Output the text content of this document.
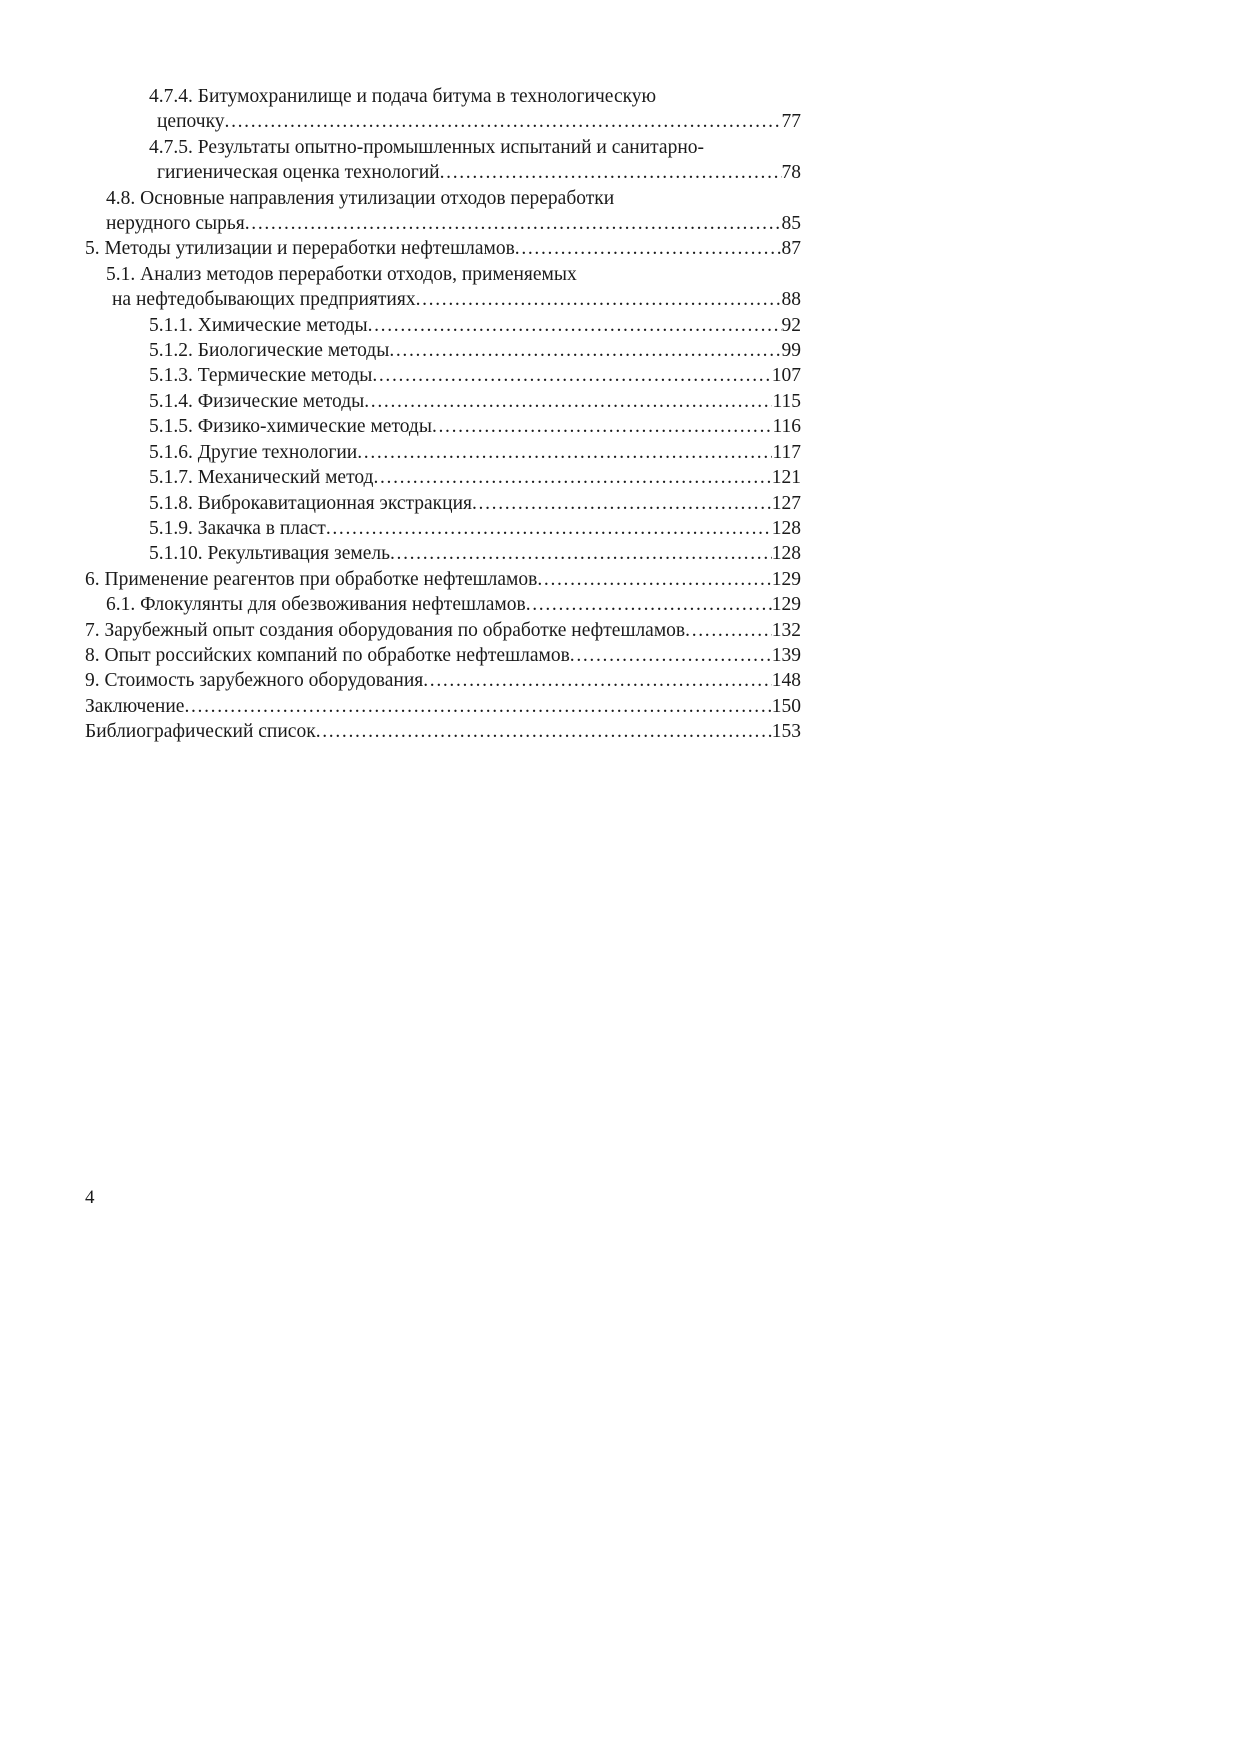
4.7.4. Битумохранилище и подача битума в технологическую
цепочку . . .	77
4.7.5. Результаты опытно-промышленных испытаний и санитарно-
гигиеническая оценка технологий . . .	78
4.8. Основные направления утилизации отходов переработки
нерудного сырья . . .	85
5. Методы утилизации и переработки нефтешламов . . .	87
5.1. Анализ методов переработки отходов, применяемых
на нефтедобывающих предприятиях . . .	88
5.1.1. Химические методы . . .	92
5.1.2. Биологические методы . . .	99
5.1.3. Термические методы . . .	107
5.1.4. Физические методы . . .	115
5.1.5. Физико-химические методы . . .	116
5.1.6. Другие технологии . . .	117
5.1.7. Механический метод . . .	121
5.1.8. Виброкавитационная экстракция . . .	127
5.1.9. Закачка в пласт . . .	128
5.1.10. Рекультивация земель . . .	128
6. Применение реагентов при обработке нефтешламов . . .	129
6.1. Флокулянты для обезвоживания нефтешламов . . .	129
7. Зарубежный опыт создания оборудования по обработке нефтешламов . . .	132
8. Опыт российских компаний по обработке нефтешламов . . .	139
9. Стоимость зарубежного оборудования . . .	148
Заключение . . .	150
Библиографический список . . .	153
4
